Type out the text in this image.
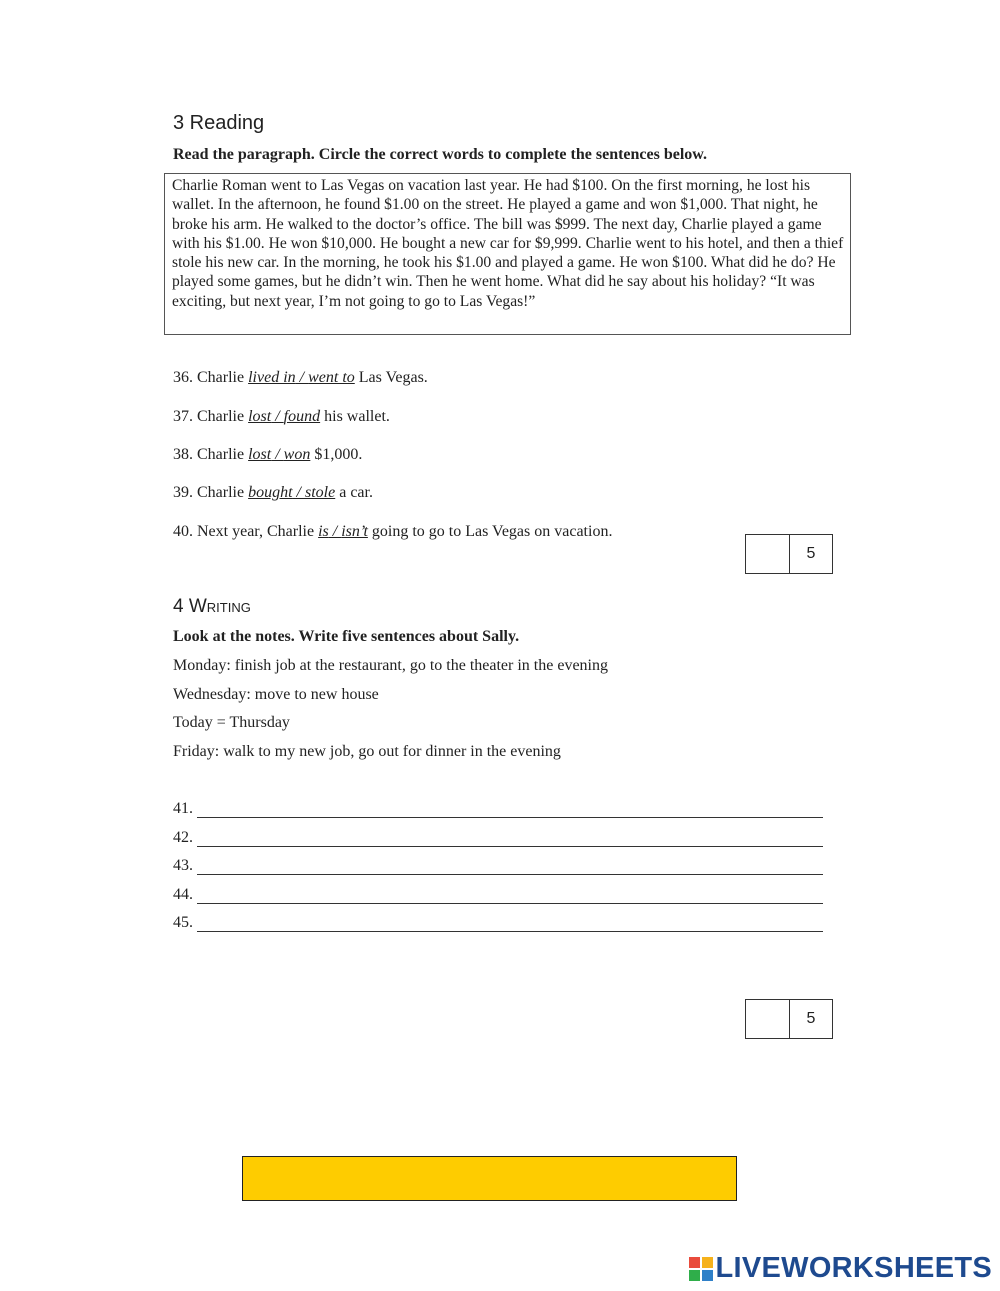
3 Reading
Read the paragraph. Circle the correct words to complete the sentences below.
Charlie Roman went to Las Vegas on vacation last year. He had $100. On the first morning, he lost his wallet. In the afternoon, he found $1.00 on the street. He played a game and won $1,000. That night, he broke his arm. He walked to the doctor’s office. The bill was $999. The next day, Charlie played a game with his $1.00. He won $10,000. He bought a new car for $9,999. Charlie went to his hotel, and then a thief stole his new car. In the morning, he took his $1.00 and played a game. He won $100. What did he do? He played some games, but he didn’t win. Then he went home. What did he say about his holiday? “It was exciting, but next year, I’m not going to go to Las Vegas!”
36. Charlie lived in / went to Las Vegas.
37. Charlie lost / found his wallet.
38. Charlie lost / won $1,000.
39. Charlie bought / stole a car.
40. Next year, Charlie is / isn’t going to go to Las Vegas on vacation.
5
4 Writing
Look at the notes. Write five sentences about Sally.
Monday: finish job at the restaurant, go to the theater in the evening
Wednesday: move to new house
Today = Thursday
Friday: walk to my new job, go out for dinner in the evening
41.
42.
43.
44.
45.
5
LIVEWORKSHEETS
